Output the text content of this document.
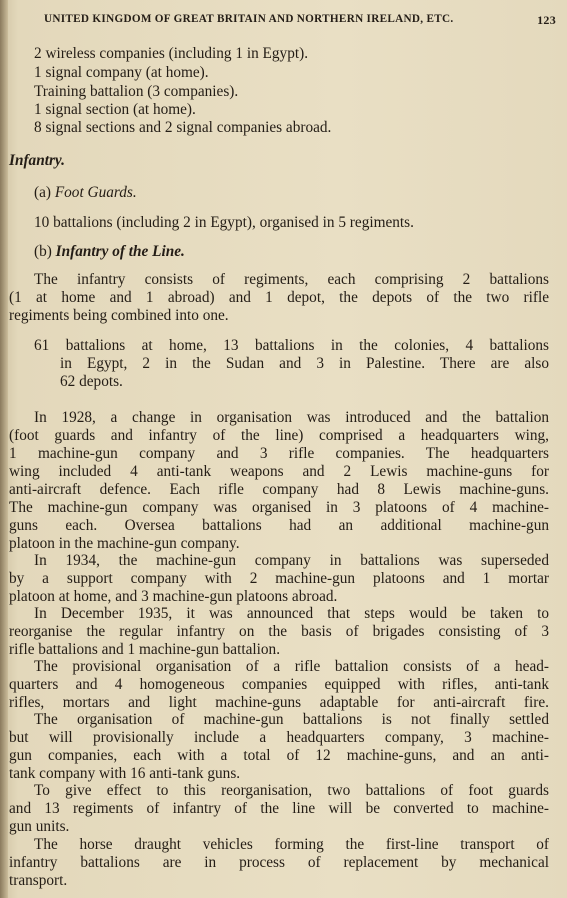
UNITED KINGDOM OF GREAT BRITAIN AND NORTHERN IRELAND, ETC.	123
2 wireless companies (including 1 in Egypt).
1 signal company (at home).
Training battalion (3 companies).
1 signal section (at home).
8 signal sections and 2 signal companies abroad.
Infantry.
(a) Foot Guards.
10 battalions (including 2 in Egypt), organised in 5 regiments.
(b) Infantry of the Line.
The infantry consists of regiments, each comprising 2 battalions
(1 at home and 1 abroad) and 1 depot, the depots of the two rifle
regiments being combined into one.
61 battalions at home, 13 battalions in the colonies, 4 battalions
in Egypt, 2 in the Sudan and 3 in Palestine. There are also
62 depots.
In 1928, a change in organisation was introduced and the battalion
(foot guards and infantry of the line) comprised a headquarters wing,
1 machine-gun company and 3 rifle companies. The headquarters
wing included 4 anti-tank weapons and 2 Lewis machine-guns for
anti-aircraft defence. Each rifle company had 8 Lewis machine-guns.
The machine-gun company was organised in 3 platoons of 4 machine-
guns each. Oversea battalions had an additional machine-gun
platoon in the machine-gun company.
In 1934, the machine-gun company in battalions was superseded
by a support company with 2 machine-gun platoons and 1 mortar
platoon at home, and 3 machine-gun platoons abroad.
In December 1935, it was announced that steps would be taken to
reorganise the regular infantry on the basis of brigades consisting of 3
rifle battalions and 1 machine-gun battalion.
The provisional organisation of a rifle battalion consists of a head-
quarters and 4 homogeneous companies equipped with rifles, anti-tank
rifles, mortars and light machine-guns adaptable for anti-aircraft fire.
The organisation of machine-gun battalions is not finally settled
but will provisionally include a headquarters company, 3 machine-
gun companies, each with a total of 12 machine-guns, and an anti-
tank company with 16 anti-tank guns.
To give effect to this reorganisation, two battalions of foot guards
and 13 regiments of infantry of the line will be converted to machine-
gun units.
The horse draught vehicles forming the first-line transport of
infantry battalions are in process of replacement by mechanical
transport.
